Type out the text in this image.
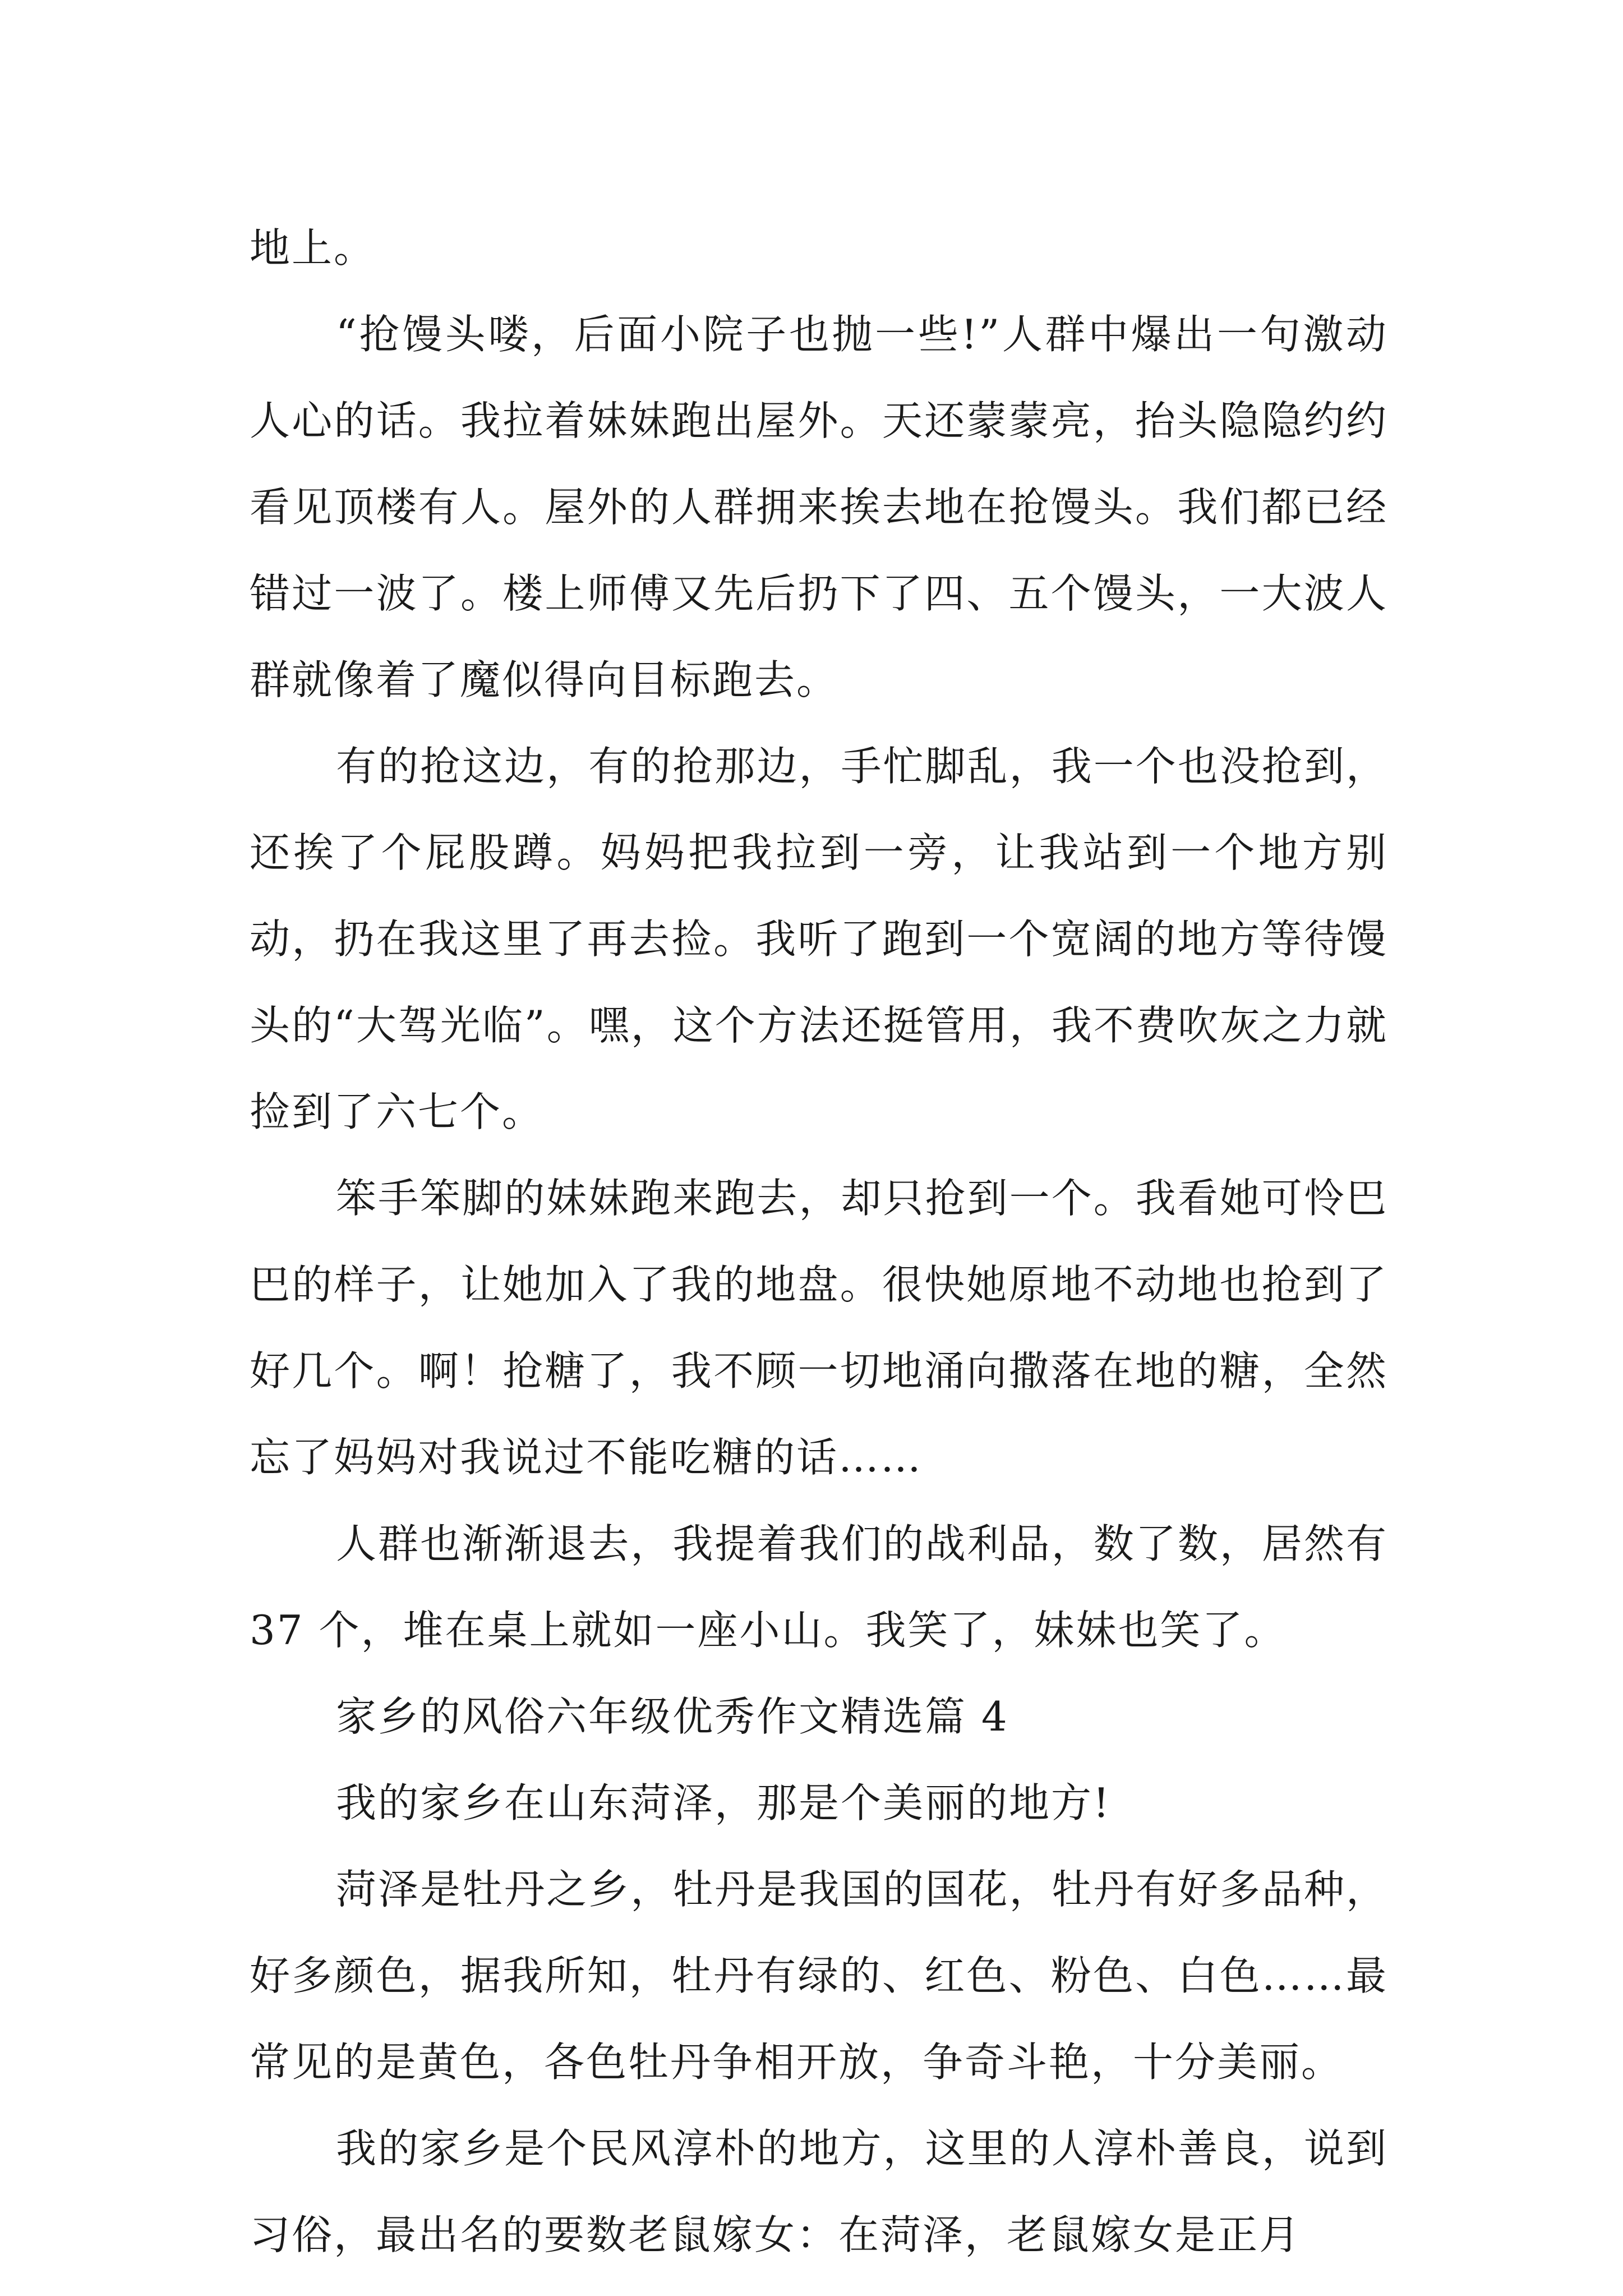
地上。

“抢馒头喽，后面小院子也抛一些!”人群中爆出一句激动人心的话。我拉着妹妹跑出屋外。天还蒙蒙亮，抬头隐隐约约看见顶楼有人。屋外的人群拥来挨去地在抢馒头。我们都已经错过一波了。楼上师傅又先后扔下了四、五个馒头，一大波人群就像着了魔似得向目标跑去。

有的抢这边，有的抢那边，手忙脚乱，我一个也没抢到，还挨了个屁股蹲。妈妈把我拉到一旁，让我站到一个地方别动，扔在我这里了再去捡。我听了跑到一个宽阔的地方等待馒头的“大驾光临”。嘿，这个方法还挺管用，我不费吹灰之力就捡到了六七个。

笨手笨脚的妹妹跑来跑去，却只抢到一个。我看她可怜巴巴的样子，让她加入了我的地盘。很快她原地不动地也抢到了好几个。啊！抢糖了，我不顾一切地涌向撒落在地的糖，全然忘了妈妈对我说过不能吃糖的话……

人群也渐渐退去，我提着我们的战利品，数了数，居然有 37 个，堆在桌上就如一座小山。我笑了，妹妹也笑了。

家乡的风俗六年级优秀作文精选篇 4

我的家乡在山东菏泽，那是个美丽的地方!

菏泽是牡丹之乡，牡丹是我国的国花，牡丹有好多品种，好多颜色，据我所知，牡丹有绿的、红色、粉色、白色……最常见的是黄色，各色牡丹争相开放，争奇斗艳，十分美丽。

我的家乡是个民风淳朴的地方，这里的人淳朴善良，说到习俗，最出名的要数老鼠嫁女：在菏泽，老鼠嫁女是正月
